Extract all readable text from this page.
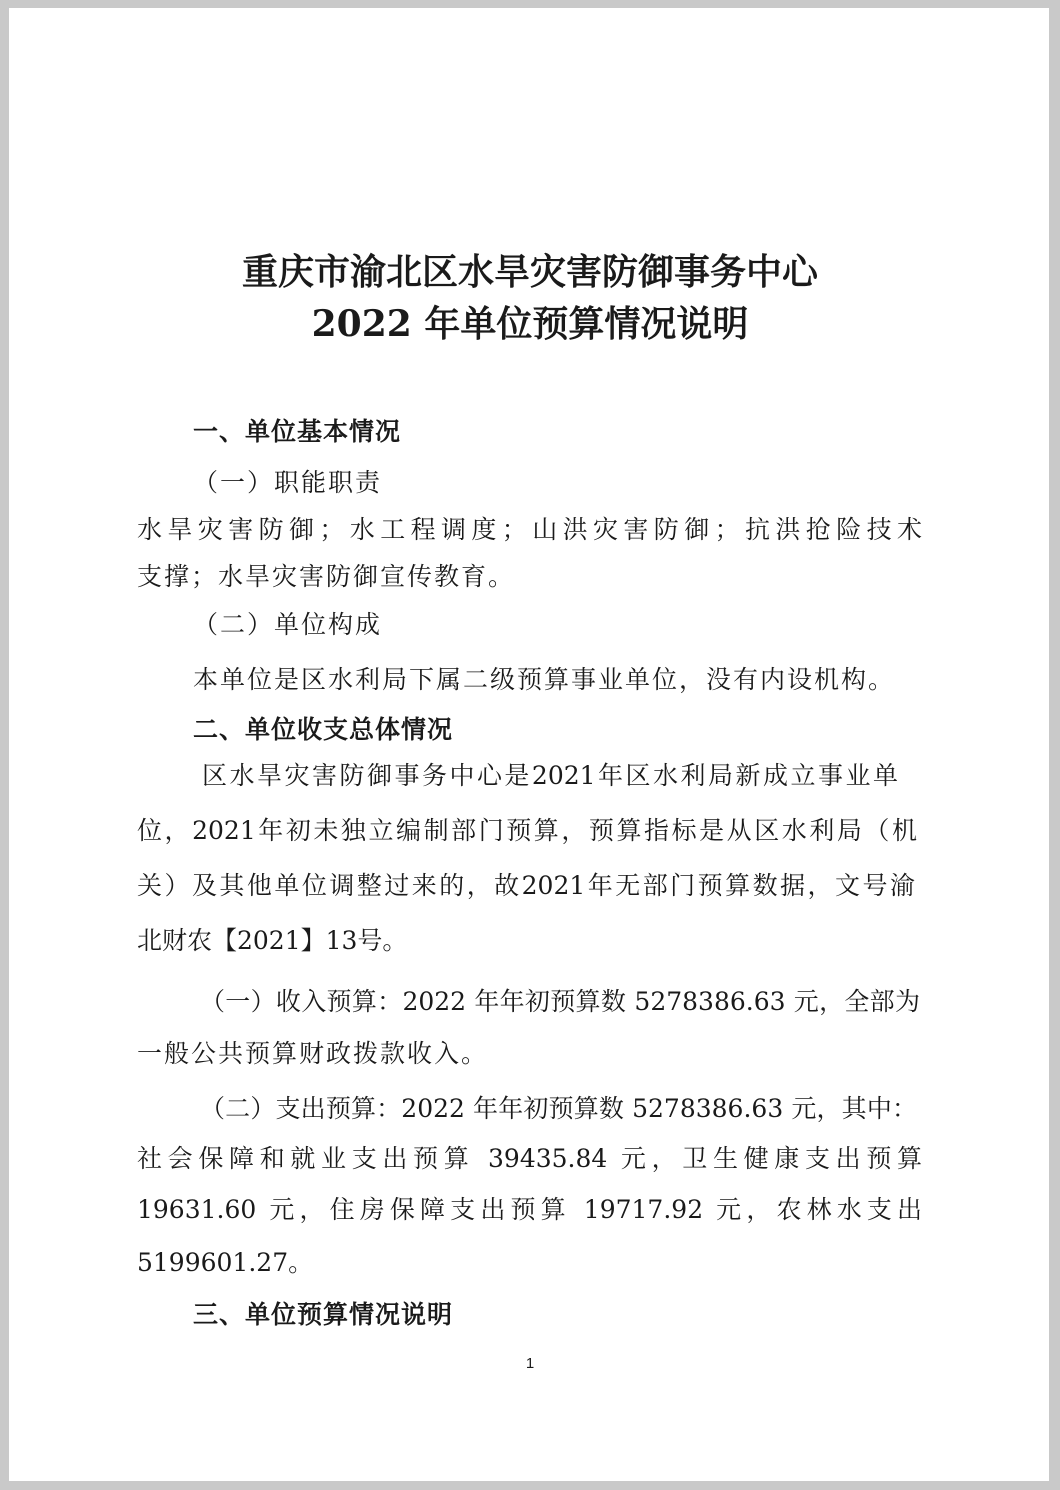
重庆市渝北区水旱灾害防御事务中心
2022 年单位预算情况说明

一、单位基本情况

（一）职能职责

水旱灾害防御；水工程调度；山洪灾害防御；抗洪抢险技术

支撑；水旱灾害防御宣传教育。

（二）单位构成

本单位是区水利局下属二级预算事业单位，没有内设机构。

二、单位收支总体情况

区水旱灾害防御事务中心是2021年区水利局新成立事业单

位，2021年初未独立编制部门预算，预算指标是从区水利局（机

关）及其他单位调整过来的，故2021年无部门预算数据，文号渝

北财农【2021】13号。

（一）收入预算：2022 年年初预算数 5278386.63 元，全部为

一般公共预算财政拨款收入。

（二）支出预算：2022 年年初预算数 5278386.63 元，其中：

社会保障和就业支出预算 39435.84 元，卫生健康支出预算

19631.60 元，住房保障支出预算 19717.92 元，农林水支出

5199601.27。

三、单位预算情况说明

1
